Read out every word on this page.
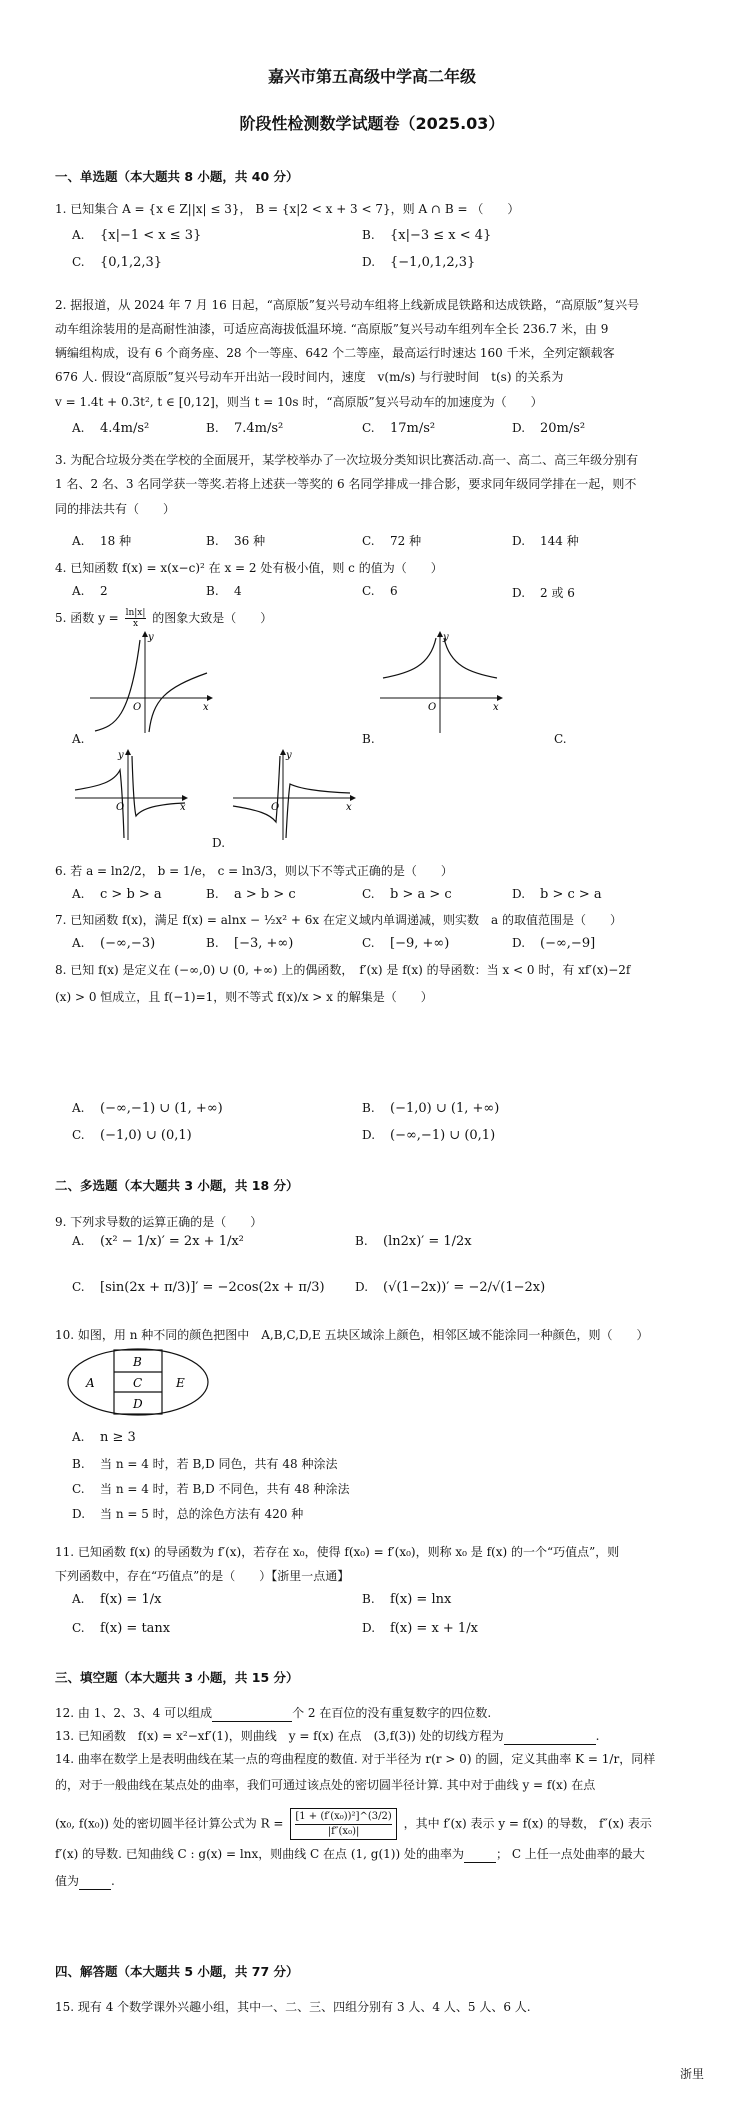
嘉兴市第五高级中学高二年级
阶段性检测数学试题卷（2025.03）
一、单选题（本大题共 8 小题，共 40 分）
1. 已知集合 A = {x ∈ Z||x| ≤ 3}， B = {x|2 < x + 3 < 7}，则 A ∩ B = （　　）
A. {x|−1 < x ≤ 3}	B. {x|−3 ≤ x < 4}
C. {0,1,2,3}	D. {−1,0,1,2,3}
2. 据报道，从 2024 年 7 月 16 日起，“高原版”复兴号动车组将上线新成昆铁路和达成铁路，“高原版”复兴号
动车组涂装用的是高耐性油漆，可适应高海拔低温环境. “高原版”复兴号动车组列车全长 236.7 米，由 9
辆编组构成，设有 6 个商务座、28 个一等座、642 个二等座，最高运行时速达 160 千米，全列定额载客
676 人. 假设“高原版”复兴号动车开出站一段时间内，速度　v(m/s) 与行驶时间　t(s) 的关系为
v = 1.4t + 0.3t², t ∈ [0,12]，则当 t = 10s 时，“高原版”复兴号动车的加速度为（　　）
A. 4.4m/s²	B. 7.4m/s²	C. 17m/s²	D. 20m/s²
3. 为配合垃圾分类在学校的全面展开，某学校举办了一次垃圾分类知识比赛活动.高一、高二、高三年级分别有
1 名、2 名、3 名同学获一等奖.若将上述获一等奖的 6 名同学排成一排合影，要求同年级同学排在一起，则不
同的排法共有（　　）
A. 18 种	B. 36 种	C. 72 种	D. 144 种
4. 已知函数 f(x) = x(x−c)² 在 x = 2 处有极小值，则 c 的值为（　　）
A. 2	B. 4	C. 6	D. 2 或 6
5. 函数 $y = \frac{\ln|x|}{x}$ 的图象大致是（　　）
y
x
O
A.
y
x
O
B.	C.
y
x
O
y
x
O
D.
6. 若 a = ln2/2， b = 1/e， c = ln3/3，则以下不等式正确的是（　　）
A. c > b > a	B. a > b > c	C. b > a > c	D. b > c > a
7. 已知函数 f(x)，满足 f(x) = alnx − ½x² + 6x 在定义域内单调递减，则实数　a 的取值范围是（　　）
A. (−∞,−3)	B. [−3, +∞)	C. [−9, +∞)	D. (−∞,−9]
8. 已知 f(x) 是定义在 (−∞,0) ∪ (0, +∞) 上的偶函数，　f′(x) 是 f(x) 的导函数：当 x < 0 时，有 xf′(x)−2f
(x) > 0 恒成立，且 f(−1)=1，则不等式 f(x)/x > x 的解集是（　　）
A. (−∞,−1) ∪ (1, +∞)	B. (−1,0) ∪ (1, +∞)
C. (−1,0) ∪ (0,1)	D. (−∞,−1) ∪ (0,1)
二、多选题（本大题共 3 小题，共 18 分）
9. 下列求导数的运算正确的是（　　）
A. (x² − 1/x)′ = 2x + 1/x²	B. (ln2x)′ = 1/2x
C. [sin(2x + π/3)]′ = −2cos(2x + π/3)	D. (√(1−2x))′ = −2/√(1−2x)
10. 如图，用 n 种不同的颜色把图中　A,B,C,D,E 五块区域涂上颜色，相邻区域不能涂同一种颜色，则（　　）
A
B
C
D
E
A. n ≥ 3
B. 当 n = 4 时，若 B,D 同色，共有 48 种涂法
C. 当 n = 4 时，若 B,D 不同色，共有 48 种涂法
D. 当 n = 5 时，总的涂色方法有 420 种
11. 已知函数 f(x) 的导函数为 f′(x)，若存在 x₀，使得 f(x₀) = f′(x₀)，则称 x₀ 是 f(x) 的一个“巧值点”，则
下列函数中，存在“巧值点”的是（　　）【浙里一点通】
A. f(x) = 1/x	B. f(x) = lnx
C. f(x) = tanx	D. f(x) = x + 1/x
三、填空题（本大题共 3 小题，共 15 分）
12. 由 1、2、3、4 可以组成	个 2 在百位的没有重复数字的四位数.
13. 已知函数　f(x) = x²−xf′(1)，则曲线　y = f(x) 在点　(3,f(3)) 处的切线方程为	.
14. 曲率在数学上是表明曲线在某一点的弯曲程度的数值. 对于半径为 r(r > 0) 的圆，定义其曲率 K = 1/r，同样
的，对于一般曲线在某点处的曲率，我们可通过该点处的密切圆半径计算. 其中对于曲线 y = f(x) 在点
(x₀, f(x₀)) 处的密切圆半径计算公式为 $R = \frac{\text{[1 + (f′(x₀))²]\textasciicircum{}(3/2)}}{\text{|f″(x₀)|}}$ ，其中 f′(x) 表示 y = f(x) 的导数， f″(x) 表示
f′(x) 的导数. 已知曲线 C : g(x) = lnx，则曲线 C 在点 (1, g(1)) 处的曲率为	； C 上任一点处曲率的最大
值为	.
四、解答题（本大题共 5 小题，共 77 分）
15. 现有 4 个数学课外兴趣小组，其中一、二、三、四组分别有 3 人、4 人、5 人、6 人.
浙里
